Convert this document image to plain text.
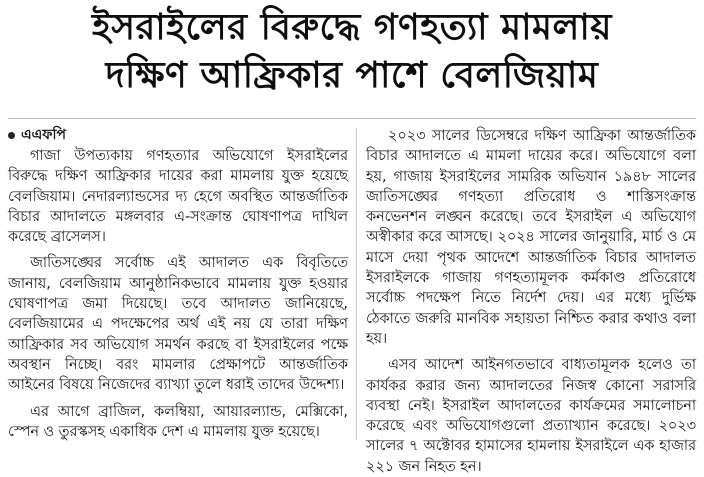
ইসরাইলের বিরুদ্ধে গণহত্যা মামলায়
দক্ষিণ আফ্রিকার পাশে বেলজিয়াম
এএফপি

গাজা উপত্যকায় গণহত্যার অভিযোগে ইসরাইলের বিরুদ্ধে দক্ষিণ আফ্রিকার দায়ের করা মামলায় যুক্ত হয়েছে বেলজিয়াম। নেদারল্যান্ডসের দ্য হেগে অবস্থিত আন্তর্জাতিক বিচার আদালতে মঙ্গলবার এ-সংক্রান্ত ঘোষণাপত্র দাখিল করেছে ব্রাসেলস।

জাতিসঙ্ঘের সর্বোচ্চ এই আদালত এক বিবৃতিতে জানায়, বেলজিয়াম আনুষ্ঠানিকভাবে মামলায় যুক্ত হওয়ার ঘোষণাপত্র জমা দিয়েছে। তবে আদালত জানিয়েছে, বেলজিয়ামের এ পদক্ষেপের অর্থ এই নয় যে তারা দক্ষিণ আফ্রিকার সব অভিযোগ সমর্থন করছে বা ইসরাইলের পক্ষে অবস্থান নিচ্ছে। বরং মামলার প্রেক্ষাপটে আন্তর্জাতিক আইনের বিষয়ে নিজেদের ব্যাখ্যা তুলে ধরাই তাদের উদ্দেশ্য।

এর আগে ব্রাজিল, কলম্বিয়া, আয়ারল্যান্ড, মেক্সিকো, স্পেন ও তুরস্কসহ একাধিক দেশ এ মামলায় যুক্ত হয়েছে।

২০২৩ সালের ডিসেম্বরে দক্ষিণ আফ্রিকা আন্তর্জাতিক বিচার আদালতে এ মামলা দায়ের করে। অভিযোগে বলা হয়, গাজায় ইসরাইলের সামরিক অভিযান ১৯৪৮ সালের জাতিসঙ্ঘের গণহত্যা প্রতিরোধ ও শাস্তিসংক্রান্ত কনভেনশন লঙ্ঘন করেছে। তবে ইসরাইল এ অভিযোগ অস্বীকার করে আসছে। ২০২৪ সালের জানুয়ারি, মার্চ ও মে মাসে দেয়া পৃথক আদেশে আন্তর্জাতিক বিচার আদালত ইসরাইলকে গাজায় গণহত্যামূলক কর্মকাণ্ড প্রতিরোধে সর্বোচ্চ পদক্ষেপ নিতে নির্দেশ দেয়। এর মধ্যে দুর্ভিক্ষ ঠেকাতে জরুরি মানবিক সহায়তা নিশ্চিত করার কথাও বলা হয়।

এসব আদেশ আইনগতভাবে বাধ্যতামূলক হলেও তা কার্যকর করার জন্য আদালতের নিজস্ব কোনো সরাসরি ব্যবস্থা নেই। ইসরাইল আদালতের কার্যক্রমের সমালোচনা করেছে এবং অভিযোগগুলো প্রত্যাখ্যান করেছে। ২০২৩ সালের ৭ অক্টোবর হামাসের হামলায় ইসরাইলে এক হাজার ২২১ জন নিহত হন।
